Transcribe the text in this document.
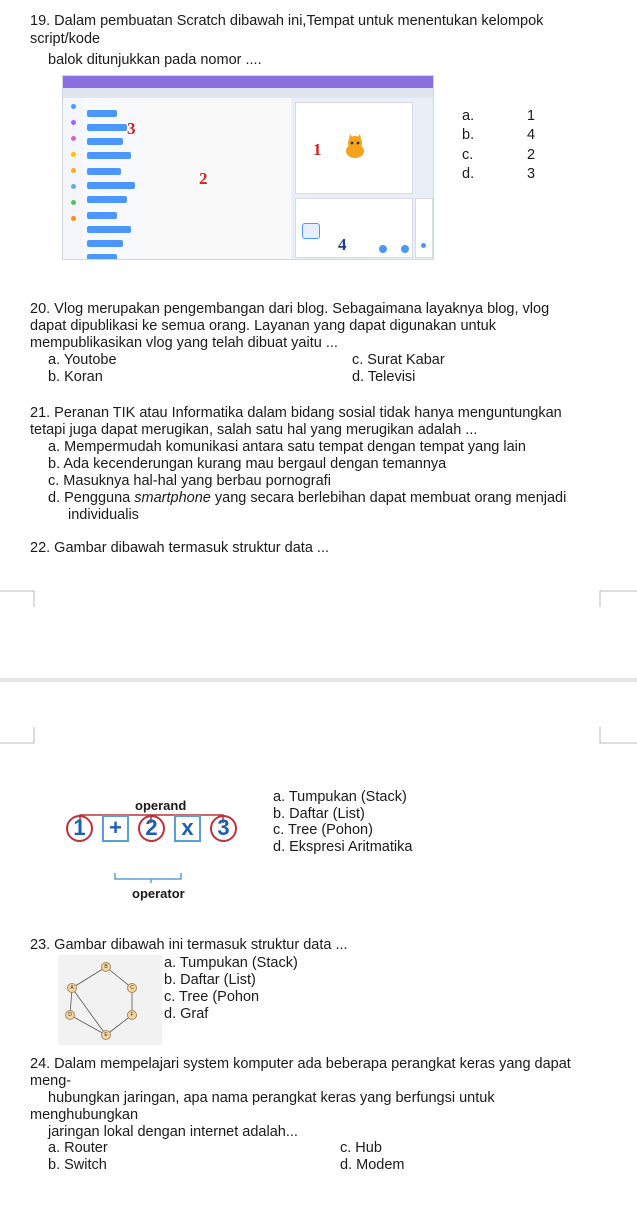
19. Dalam pembuatan Scratch dibawah ini,Tempat untuk menentukan kelompok
script/kode
balok ditunjukkan pada nomor ....
1
2
3
4
a.	1
b.	4
c.	2
d.	3
20. Vlog merupakan pengembangan dari blog. Sebagaimana layaknya blog, vlog
dapat dipublikasi ke semua orang. Layanan yang dapat digunakan untuk
mempublikasikan vlog yang telah dibuat yaitu ...
a. Youtobe
b. Koran
c. Surat Kabar
d. Televisi
21. Peranan TIK atau Informatika dalam bidang sosial tidak hanya menguntungkan
tetapi juga dapat merugikan, salah satu hal yang merugikan adalah ...
a. Mempermudah komunikasi antara satu tempat dengan tempat yang lain
b. Ada kecenderungan kurang mau bergaul dengan temannya
c. Masuknya hal-hal yang berbau pornografi
d. Pengguna smartphone yang secara berlebihan dapat membuat orang menjadi
individualis
22. Gambar dibawah termasuk struktur data ...
operand
1	+	2	x	3
operator
a. Tumpukan (Stack)
b. Daftar (List)
c. Tree (Pohon)
d. Ekspresi Aritmatika
23. Gambar dibawah ini termasuk struktur data ...
A
B
C
D
E
F
a. Tumpukan (Stack)
b. Daftar (List)
c. Tree (Pohon
d. Graf
24. Dalam mempelajari system komputer ada beberapa perangkat keras yang dapat
meng-
hubungkan jaringan, apa nama perangkat keras yang berfungsi untuk
menghubungkan
jaringan lokal dengan internet adalah...
a. Router
b. Switch
c. Hub
d. Modem
